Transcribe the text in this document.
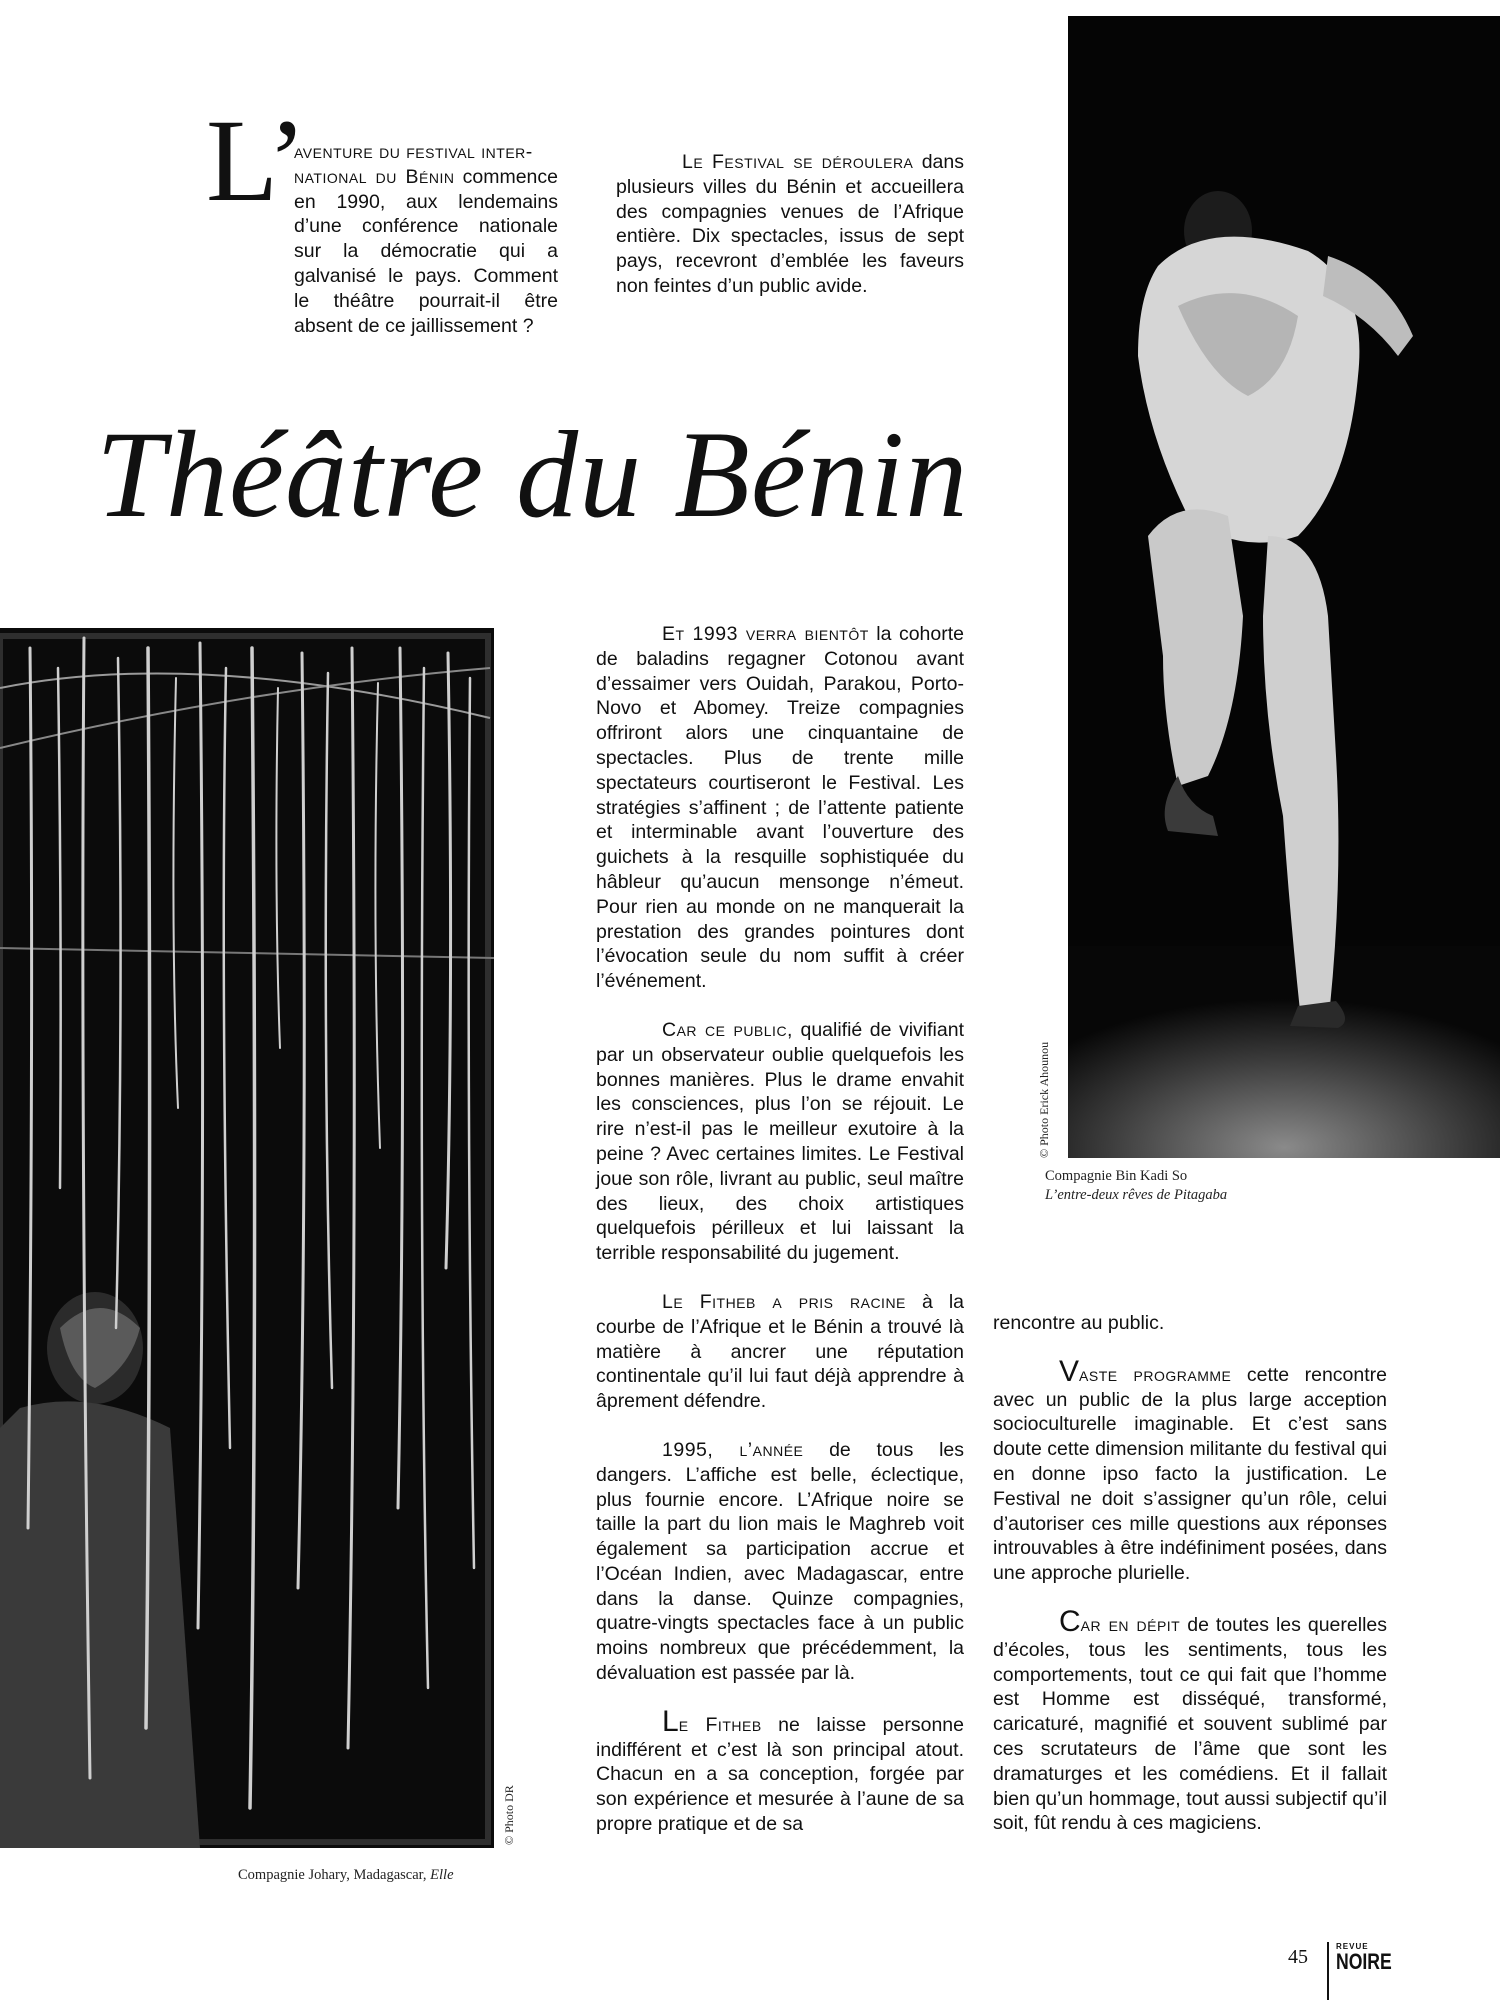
L’

aventure du festival inter-

national du Bénin commence en 1990, aux lendemains d’une conférence nationale sur la démocratie qui a galvanisé le pays. Comment le théâtre pourrait-il être absent de ce jaillissement ?

Le Festival se déroulera dans plusieurs villes du Bénin et accueillera des compagnies venues de l’Afrique entière. Dix spectacles, issus de sept pays, recevront d’emblée les faveurs non feintes d’un public avide.

Théâtre du Bénin
© Photo Erick Ahounou
Compagnie Bin Kadi So
L’entre-deux rêves de Pitagaba
© Photo DR
Compagnie Johary, Madagascar, Elle

Et 1993 verra bientôt la cohorte de baladins regagner Cotonou avant d’essaimer vers Ouidah, Parakou, Porto-Novo et Abomey. Treize compagnies offriront alors une cinquantaine de spectacles. Plus de trente mille spectateurs courtiseront le Festival. Les stratégies s’affinent ; de l’attente patiente et interminable avant l’ouverture des guichets à la resquille sophistiquée du hâbleur qu’aucun mensonge n’émeut. Pour rien au monde on ne manquerait la prestation des grandes pointures dont l’évocation seule du nom suffit à créer l’événement.

Car ce public, qualifié de vivifiant par un observateur oublie quelquefois les bonnes manières. Plus le drame envahit les consciences, plus l’on se réjouit. Le rire n’est-il pas le meilleur exutoire à la peine ? Avec certaines limites. Le Festival joue son rôle, livrant au public, seul maître des lieux, des choix artistiques quelquefois périlleux et lui laissant la terrible responsabilité du jugement.

Le Fitheb a pris racine à la courbe de l’Afrique et le Bénin a trouvé là matière à ancrer une réputation continentale qu’il lui faut déjà apprendre à âprement défendre.

1995, l’année de tous les dangers. L’affiche est belle, éclectique, plus fournie encore. L’Afrique noire se taille la part du lion mais le Maghreb voit également sa participation accrue et l’Océan Indien, avec Madagascar, entre dans la danse. Quinze compagnies, quatre-vingts spectacles face à un public moins nombreux que précédemment, la dévaluation est passée par là.

Le Fitheb ne laisse personne indifférent et c’est là son principal atout. Chacun en a sa conception, forgée par son expérience et mesurée à l’aune de sa propre pratique et de sa

rencontre au public.

Vaste programme cette rencontre avec un public de la plus large acception socioculturelle imaginable. Et c’est sans doute cette dimension militante du festival qui en donne ipso facto la justification. Le Festival ne doit s’assigner qu’un rôle, celui d’autoriser ces mille questions aux réponses introuvables à être indéfiniment posées, dans une approche plurielle.

Car en dépit de toutes les querelles d’écoles, tous les sentiments, tous les comportements, tout ce qui fait que l’homme est Homme est disséqué, transformé, caricaturé, magnifié et souvent sublimé par ces scrutateurs de l’âme que sont les dramaturges et les comédiens. Et il fallait bien qu’un hommage, tout aussi subjectif qu’il soit, fût rendu à ces magiciens.

45	REVUE
NOIRE
